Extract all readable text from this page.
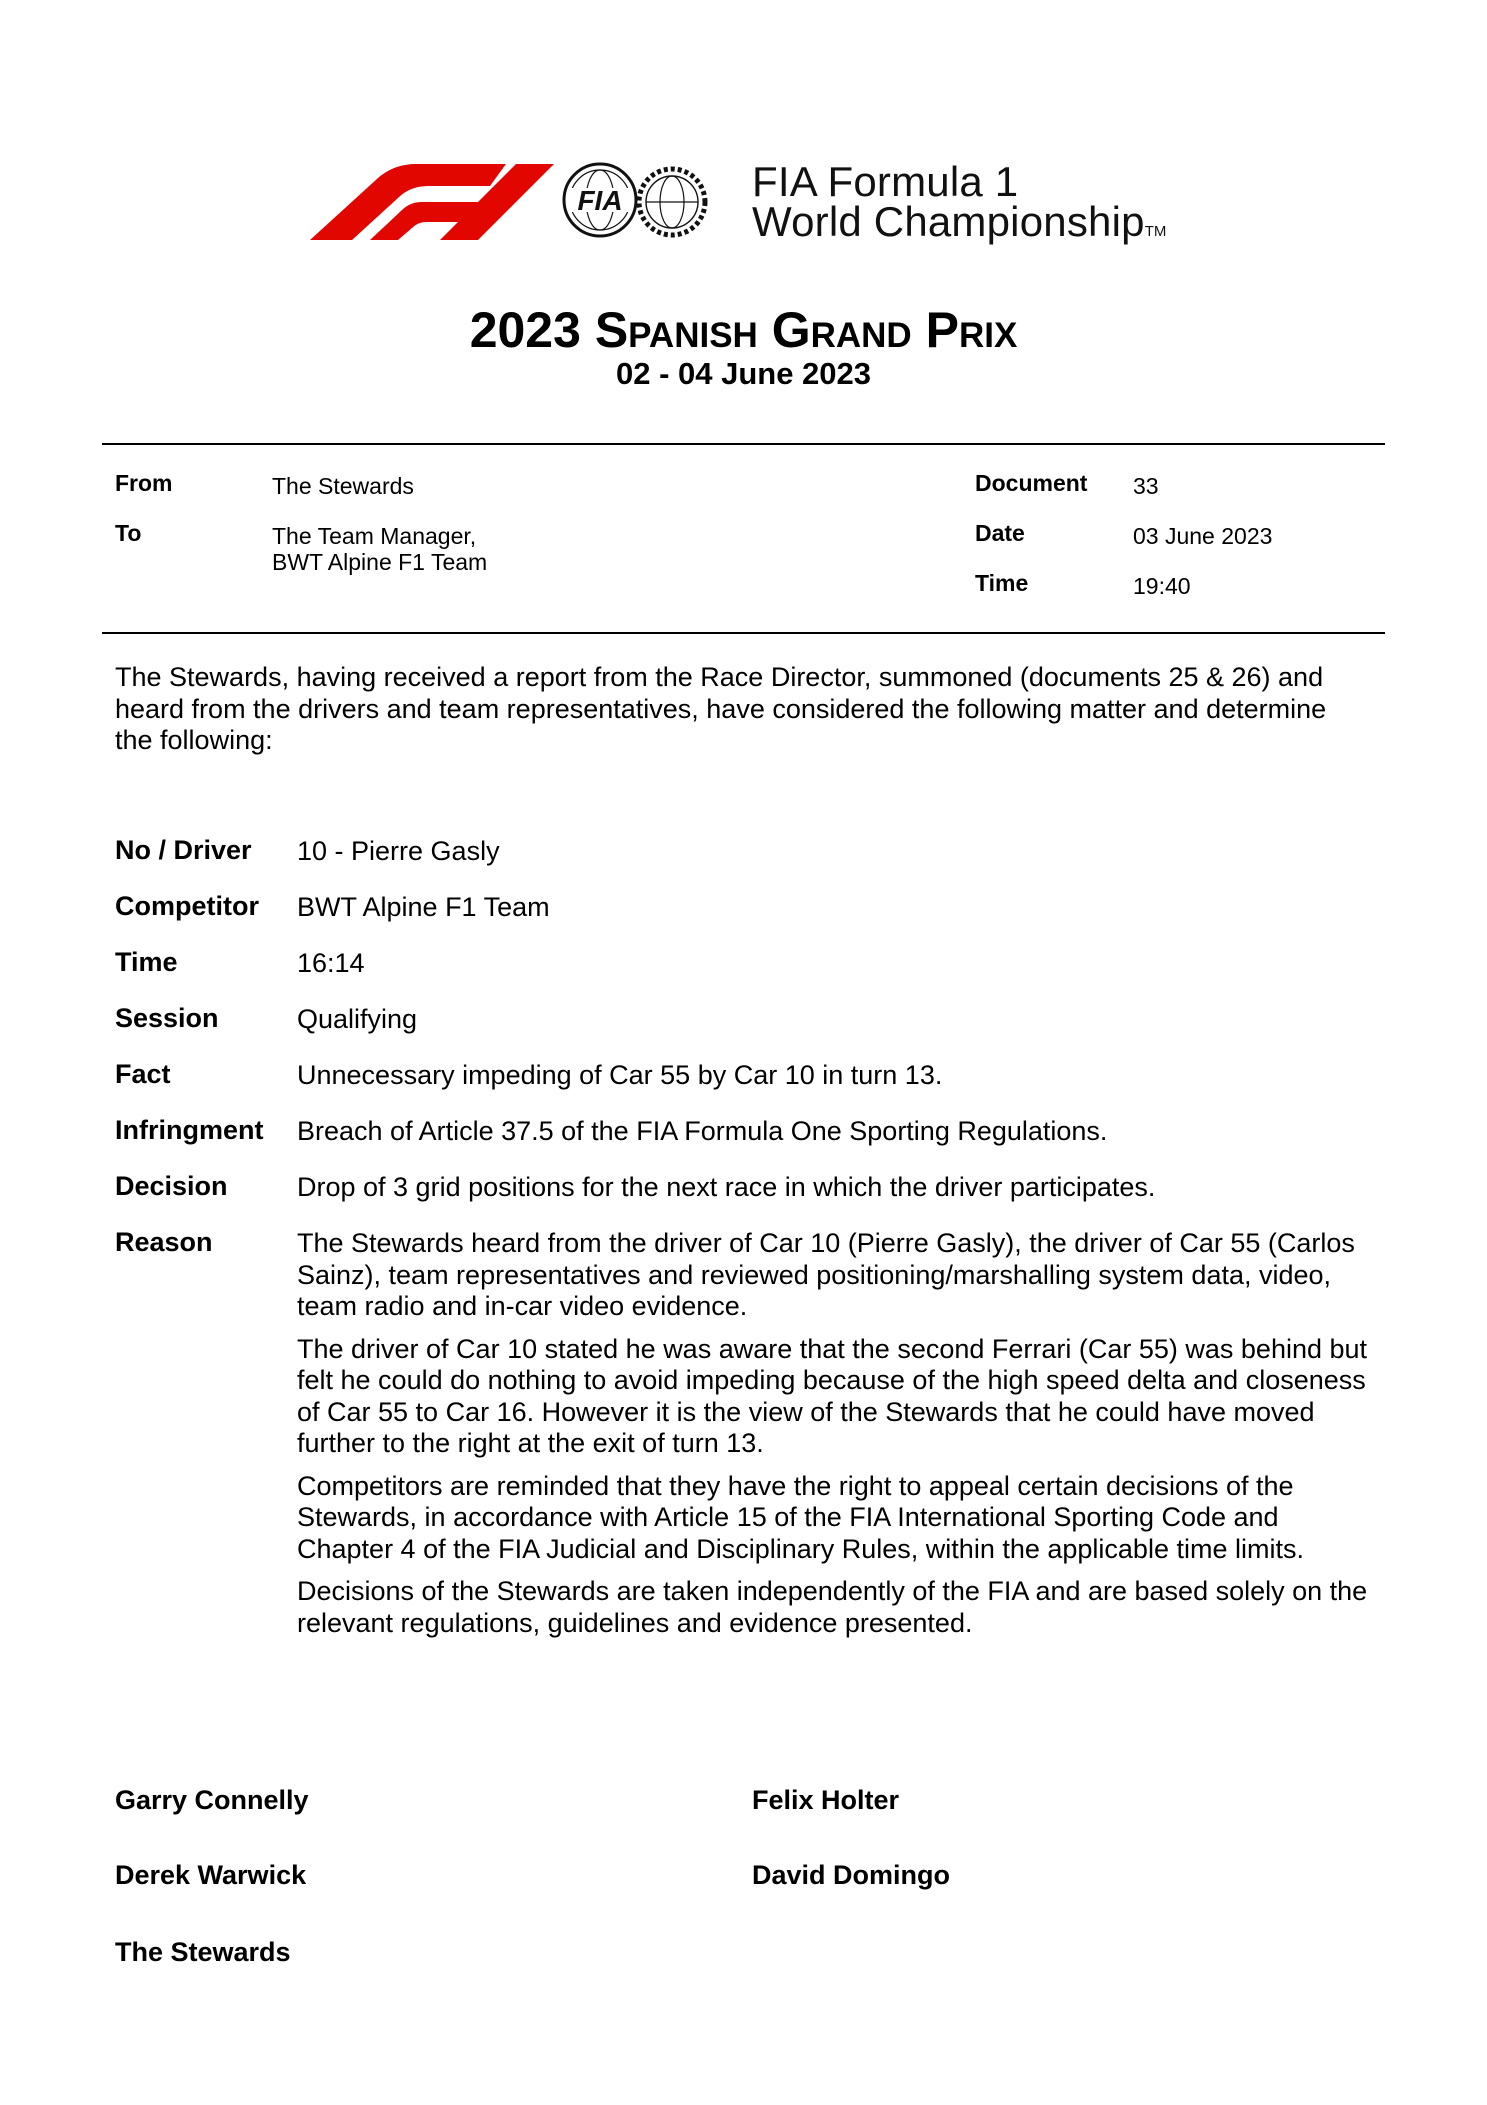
FIA	FIA Formula 1
World ChampionshipTM
2023 Spanish Grand Prix
02 - 04 June 2023
From	The Stewards
To	The Team Manager,
BWT Alpine F1 Team
Document 33
Date	03 June 2023
Time	19:40
The Stewards, having received a report from the Race Director, summoned (documents 25 & 26) and heard from the drivers and team representatives, have considered the following matter and determine the following:
No / Driver 10 - Pierre Gasly
Competitor BWT Alpine F1 Team
Time	16:14
Session	Qualifying
Fact	Unnecessary impeding of Car 55 by Car 10 in turn 13.
Infringment Breach of Article 37.5 of the FIA Formula One Sporting Regulations.
Decision	Drop of 3 grid positions for the next race in which the driver participates.
Reason	The Stewards heard from the driver of Car 10 (Pierre Gasly), the driver of Car 55 (Carlos Sainz), team representatives and reviewed positioning/marshalling system data, video, team radio and in-car video evidence.

The driver of Car 10 stated he was aware that the second Ferrari (Car 55) was behind but felt he could do nothing to avoid impeding because of the high speed delta and closeness of Car 55 to Car 16. However it is the view of the Stewards that he could have moved further to the right at the exit of turn 13.

Competitors are reminded that they have the right to appeal certain decisions of the Stewards, in accordance with Article 15 of the FIA International Sporting Code and Chapter 4 of the FIA Judicial and Disciplinary Rules, within the applicable time limits.

Decisions of the Stewards are taken independently of the FIA and are based solely on the relevant regulations, guidelines and evidence presented.

Garry Connelly	Felix Holter
Derek Warwick	David Domingo
The Stewards
